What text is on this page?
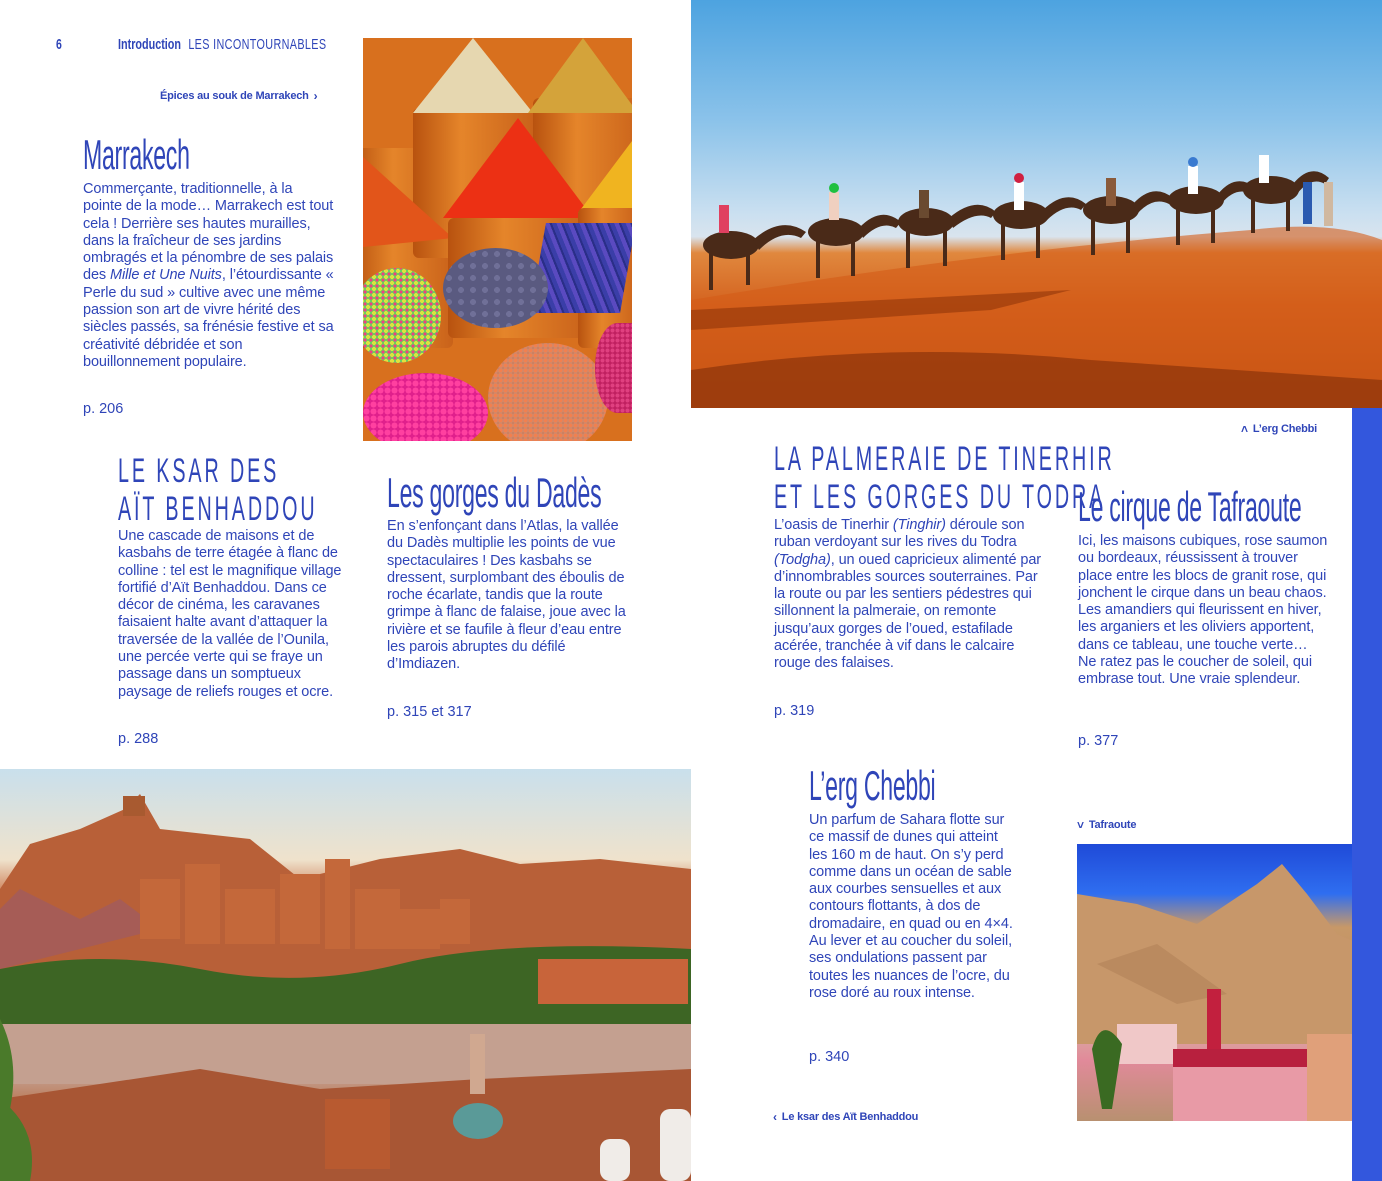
6	Introduction LES INCONTOURNABLES
Épices au souk de Marrakech ›
Marrakech
Commerçante, traditionnelle, à la pointe de la mode… Marrakech est tout cela ! Derrière ses hautes murailles, dans la fraîcheur de ses jardins ombragés et la pénombre de ses palais des Mille et Une Nuits, l’étourdissante « Perle du sud » cultive avec une même passion son art de vivre hérité des siècles passés, sa frénésie festive et sa créativité débridée et son bouillonnement populaire.
p. 206
LE KSAR DES
AÏT BENHADDOU
Une cascade de maisons et de kasbahs de terre étagée à flanc de colline : tel est le magnifique village fortifié d’Aït Benhaddou. Dans ce décor de cinéma, les caravanes faisaient halte avant d’attaquer la traversée de la vallée de l’Ounila, une percée verte qui se fraye un passage dans un somptueux paysage de reliefs rouges et ocre.
p. 288
Les gorges du Dadès
En s’enfonçant dans l’Atlas, la vallée du Dadès multiplie les points de vue spectaculaires ! Des kasbahs se dressent, surplombant des éboulis de roche écarlate, tandis que la route grimpe à flanc de falaise, joue avec la rivière et se faufile à fleur d’eau entre les parois abruptes du défilé d’Imdiazen.
p. 315 et 317
˄ L’erg Chebbi
LA PALMERAIE DE TINERHIR
ET LES GORGES DU TODRA
L’oasis de Tinerhir (Tinghir) déroule son ruban verdoyant sur les rives du Todra (Todgha), un oued capricieux alimenté par d’innombrables sources souterraines. Par la route ou par les sentiers pédestres qui sillonnent la palmeraie, on remonte jusqu’aux gorges de l’oued, estafilade acérée, tranchée à vif dans le calcaire rouge des falaises.
p. 319
Le cirque de Tafraoute
Ici, les maisons cubiques, rose saumon ou bordeaux, réussissent à trouver place entre les blocs de granit rose, qui jonchent le cirque dans un beau chaos. Les amandiers qui fleurissent en hiver, les arganiers et les oliviers apportent, dans ce tableau, une touche verte… Ne ratez pas le coucher de soleil, qui embrase tout. Une vraie splendeur.
p. 377
L’erg Chebbi
Un parfum de Sahara flotte sur ce massif de dunes qui atteint les 160 m de haut. On s’y perd comme dans un océan de sable aux courbes sensuelles et aux contours flottants, à dos de dromadaire, en quad ou en 4×4. Au lever et au coucher du soleil, ses ondulations passent par toutes les nuances de l’ocre, du rose doré au roux intense.
p. 340
˅ Tafraoute
‹ Le ksar des Aït Benhaddou
